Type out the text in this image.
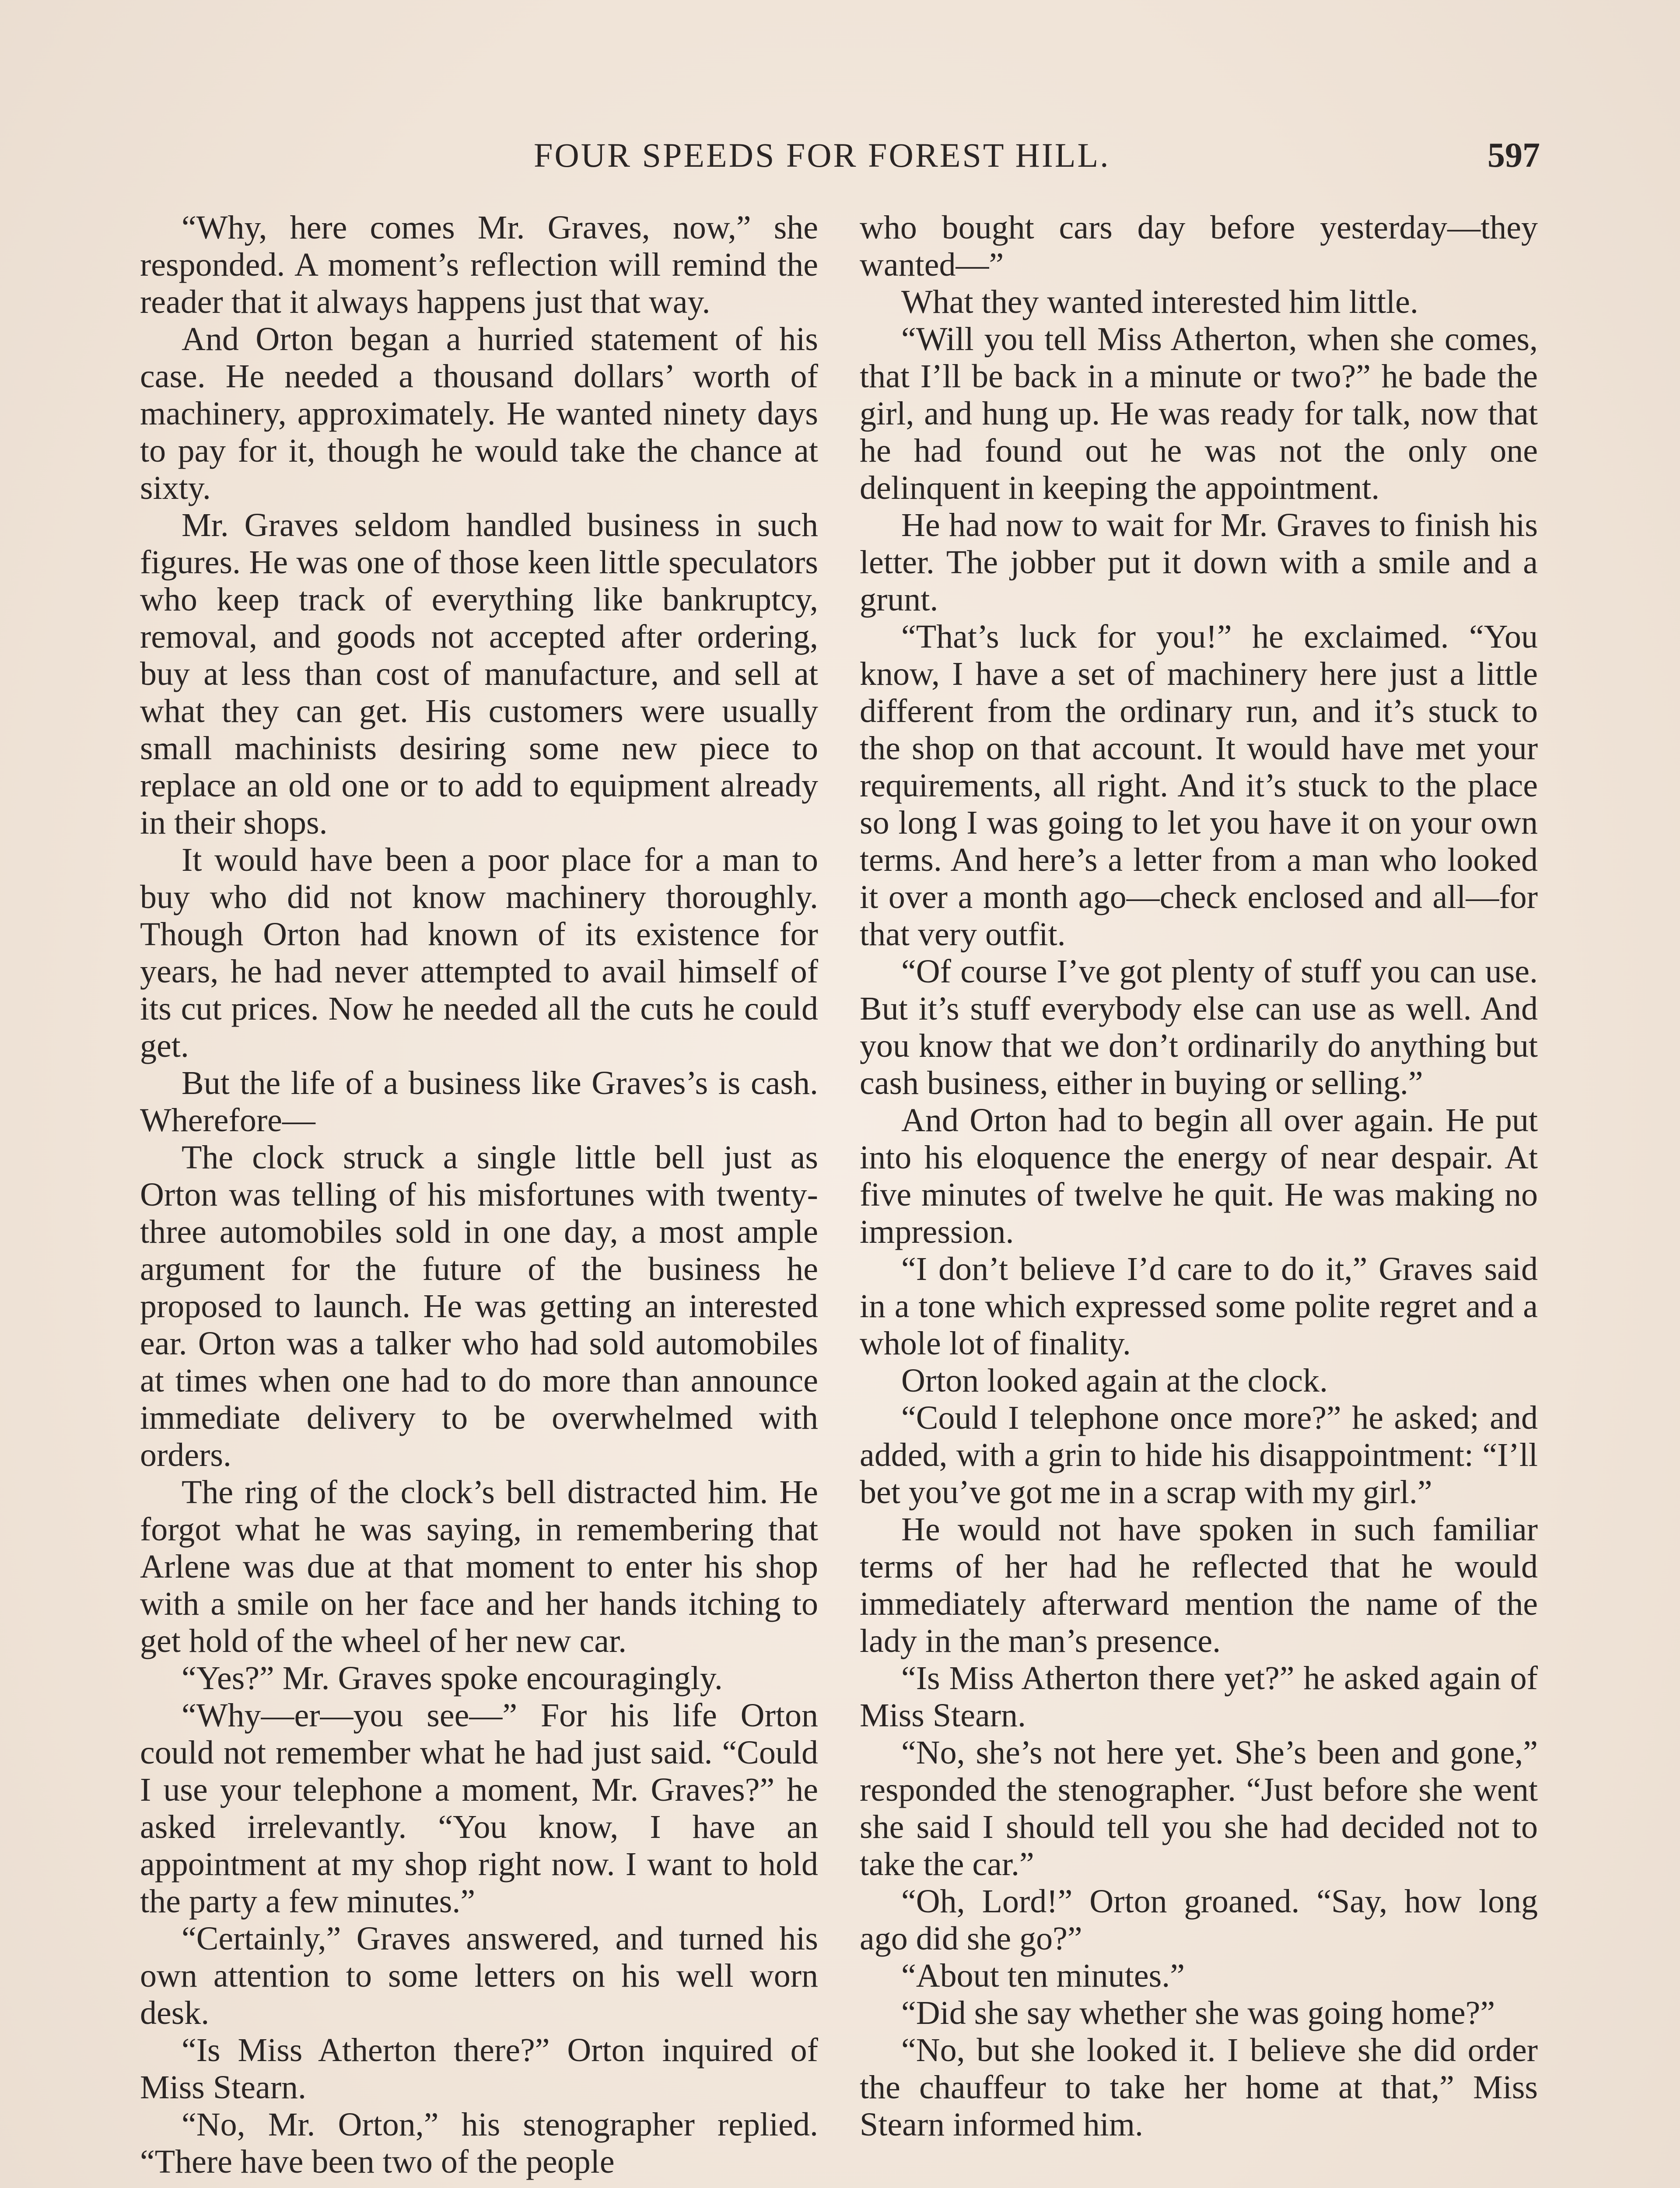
FOUR SPEEDS FOR FOREST HILL.	597

“Why, here comes Mr. Graves, now,” she responded. A moment’s reflection will remind the reader that it always happens just that way.

And Orton began a hurried statement of his case. He needed a thousand dollars’ worth of machinery, approximately. He wanted ninety days to pay for it, though he would take the chance at sixty.

Mr. Graves seldom handled business in such figures. He was one of those keen little speculators who keep track of everything like bankruptcy, removal, and goods not accepted after ordering, buy at less than cost of manufacture, and sell at what they can get. His customers were usually small machinists desiring some new piece to replace an old one or to add to equipment already in their shops.

It would have been a poor place for a man to buy who did not know machinery thoroughly. Though Orton had known of its existence for years, he had never attempted to avail himself of its cut prices. Now he needed all the cuts he could get.

But the life of a business like Graves’s is cash. Wherefore—

The clock struck a single little bell just as Orton was telling of his misfortunes with twenty-three automobiles sold in one day, a most ample argument for the future of the business he proposed to launch. He was getting an interested ear. Orton was a talker who had sold automobiles at times when one had to do more than announce immediate delivery to be overwhelmed with orders.

The ring of the clock’s bell distracted him. He forgot what he was saying, in remembering that Arlene was due at that moment to enter his shop with a smile on her face and her hands itching to get hold of the wheel of her new car.

“Yes?” Mr. Graves spoke encouragingly.

“Why—er—you see—” For his life Orton could not remember what he had just said. “Could I use your telephone a moment, Mr. Graves?” he asked irrelevantly. “You know, I have an appointment at my shop right now. I want to hold the party a few minutes.”

“Certainly,” Graves answered, and turned his own attention to some letters on his well worn desk.

“Is Miss Atherton there?” Orton inquired of Miss Stearn.

“No, Mr. Orton,” his stenographer replied. “There have been two of the people

who bought cars day before yesterday—they wanted—”

What they wanted interested him little.

“Will you tell Miss Atherton, when she comes, that I’ll be back in a minute or two?” he bade the girl, and hung up. He was ready for talk, now that he had found out he was not the only one delinquent in keeping the appointment.

He had now to wait for Mr. Graves to finish his letter. The jobber put it down with a smile and a grunt.

“That’s luck for you!” he exclaimed. “You know, I have a set of machinery here just a little different from the ordinary run, and it’s stuck to the shop on that account. It would have met your requirements, all right. And it’s stuck to the place so long I was going to let you have it on your own terms. And here’s a letter from a man who looked it over a month ago—check enclosed and all—for that very outfit.

“Of course I’ve got plenty of stuff you can use. But it’s stuff everybody else can use as well. And you know that we don’t ordinarily do anything but cash business, either in buying or selling.”

And Orton had to begin all over again. He put into his eloquence the energy of near despair. At five minutes of twelve he quit. He was making no impression.

“I don’t believe I’d care to do it,” Graves said in a tone which expressed some polite regret and a whole lot of finality.

Orton looked again at the clock.

“Could I telephone once more?” he asked; and added, with a grin to hide his disappointment: “I’ll bet you’ve got me in a scrap with my girl.”

He would not have spoken in such familiar terms of her had he reflected that he would immediately afterward mention the name of the lady in the man’s presence.

“Is Miss Atherton there yet?” he asked again of Miss Stearn.

“No, she’s not here yet. She’s been and gone,” responded the stenographer. “Just before she went she said I should tell you she had decided not to take the car.”

“Oh, Lord!” Orton groaned. “Say, how long ago did she go?”

“About ten minutes.”

“Did she say whether she was going home?”

“No, but she looked it. I believe she did order the chauffeur to take her home at that,” Miss Stearn informed him.
